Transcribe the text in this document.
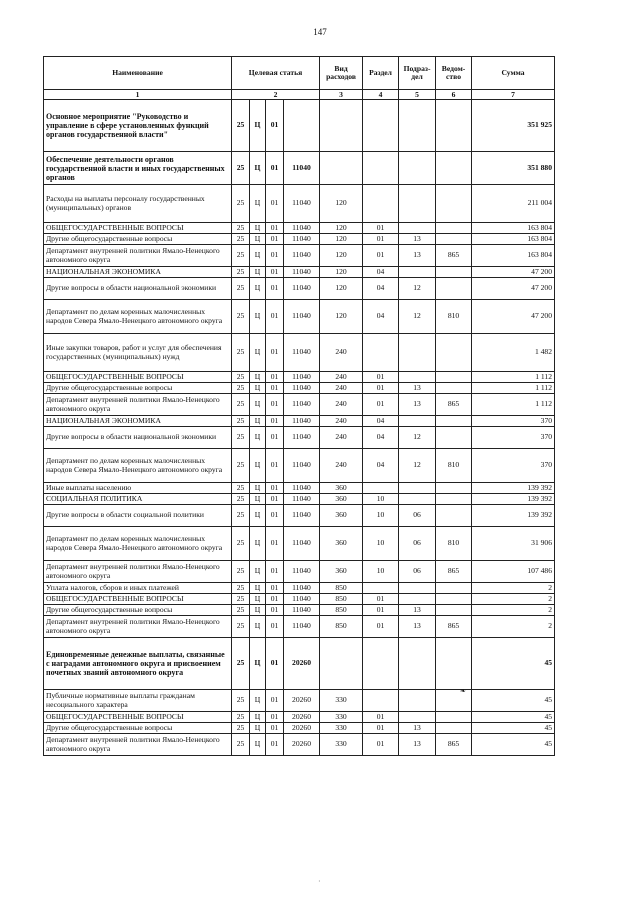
147
Наименование	Целевая статья				Вид расходов	Раздел	Подраз-дел	Ведом-ство	Сумма
1	2				3	4	5	6	7
Основное мероприятие "Руководство и управление в сфере установленных функций органов государственной власти"	25	Ц	01						351 925
Обеспечение деятельности органов государственной власти и иных государственных органов	25	Ц	01	11040					351 880
Расходы на выплаты персоналу государственных (муниципальных) органов	25	Ц	01	11040	120				211 004
ОБЩЕГОСУДАРСТВЕННЫЕ ВОПРОСЫ	25	Ц	01	11040	120	01			163 804
Другие общегосударственные вопросы	25	Ц	01	11040	120	01	13		163 804
Департамент внутренней политики Ямало-Ненецкого автономного округа	25	Ц	01	11040	120	01	13	865	163 804
НАЦИОНАЛЬНАЯ ЭКОНОМИКА	25	Ц	01	11040	120	04			47 200
Другие вопросы в области национальной экономики	25	Ц	01	11040	120	04	12		47 200
Департамент по делам коренных малочисленных народов Севера Ямало-Ненецкого автономного округа	25	Ц	01	11040	120	04	12	810	47 200
Иные закупки товаров, работ и услуг для обеспечения государственных (муниципальных) нужд	25	Ц	01	11040	240				1 482
ОБЩЕГОСУДАРСТВЕННЫЕ ВОПРОСЫ	25	Ц	01	11040	240	01			1 112
Другие общегосударственные вопросы	25	Ц	01	11040	240	01	13		1 112
Департамент внутренней политики Ямало-Ненецкого автономного округа	25	Ц	01	11040	240	01	13	865	1 112
НАЦИОНАЛЬНАЯ ЭКОНОМИКА	25	Ц	01	11040	240	04			370
Другие вопросы в области национальной экономики	25	Ц	01	11040	240	04	12		370
Департамент по делам коренных малочисленных народов Севера Ямало-Ненецкого автономного округа	25	Ц	01	11040	240	04	12	810	370
Иные выплаты населению	25	Ц	01	11040	360				139 392
СОЦИАЛЬНАЯ ПОЛИТИКА	25	Ц	01	11040	360	10			139 392
Другие вопросы в области социальной политики	25	Ц	01	11040	360	10	06		139 392
Департамент по делам коренных малочисленных народов Севера Ямало-Ненецкого автономного округа	25	Ц	01	11040	360	10	06	810	31 906
Департамент внутренней политики Ямало-Ненецкого автономного округа	25	Ц	01	11040	360	10	06	865	107 486
Уплата налогов, сборов и иных платежей	25	Ц	01	11040	850				2
ОБЩЕГОСУДАРСТВЕННЫЕ ВОПРОСЫ	25	Ц	01	11040	850	01			2
Другие общегосударственные вопросы	25	Ц	01	11040	850	01	13		2
Департамент внутренней политики Ямало-Ненецкого автономного округа	25	Ц	01	11040	850	01	13	865	2
Единовременные денежные выплаты, связанные с наградами автономного округа и присвоением почетных званий автономного округа	25	Ц	01	20260					45
Публичные нормативные выплаты гражданам несоциального характера	25	Ц	01	20260	330				45
ОБЩЕГОСУДАРСТВЕННЫЕ ВОПРОСЫ	25	Ц	01	20260	330	01			45
Другие общегосударственные вопросы	25	Ц	01	20260	330	01	13		45
Департамент внутренней политики Ямало-Ненецкого автономного округа	25	Ц	01	20260	330	01	13	865	45
❧
·
